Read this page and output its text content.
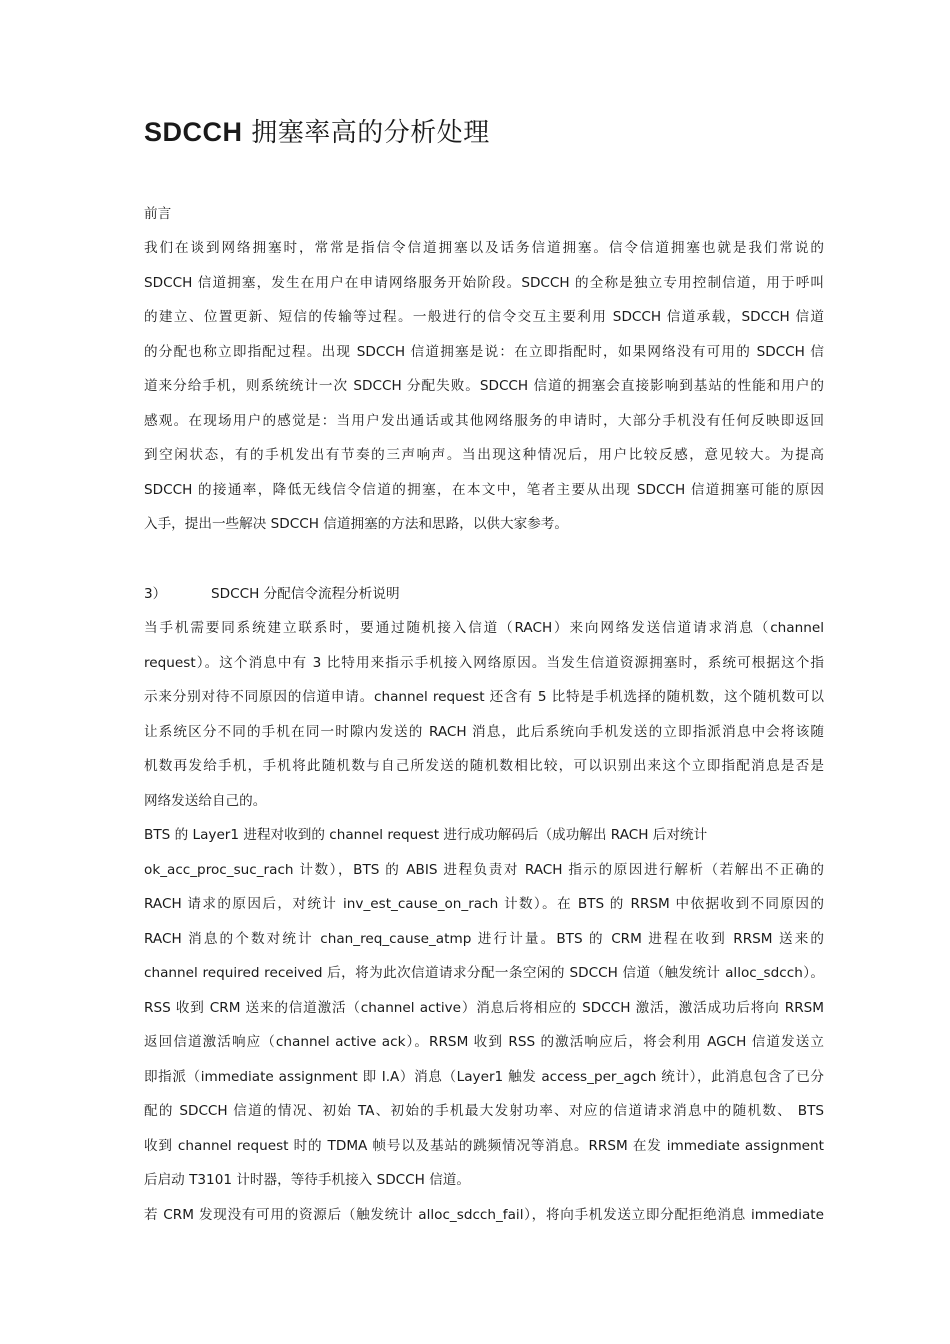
SDCCH 拥塞率高的分析处理

前言

我们在谈到网络拥塞时，常常是指信令信道拥塞以及话务信道拥塞。信令信道拥塞也就是我们常说的

SDCCH 信道拥塞，发生在用户在申请网络服务开始阶段。SDCCH 的全称是独立专用控制信道，用于呼叫

的建立、位置更新、短信的传输等过程。一般进行的信令交互主要利用 SDCCH 信道承载，SDCCH 信道

的分配也称立即指配过程。出现 SDCCH 信道拥塞是说：在立即指配时，如果网络没有可用的 SDCCH 信

道来分给手机，则系统统计一次 SDCCH 分配失败。SDCCH 信道的拥塞会直接影响到基站的性能和用户的

感观。在现场用户的感觉是：当用户发出通话或其他网络服务的申请时，大部分手机没有任何反映即返回

到空闲状态，有的手机发出有节奏的三声响声。当出现这种情况后，用户比较反感，意见较大。为提高

SDCCH 的接通率，降低无线信令信道的拥塞，在本文中，笔者主要从出现 SDCCH 信道拥塞可能的原因

入手，提出一些解决 SDCCH 信道拥塞的方法和思路，以供大家参考。

3）	SDCCH 分配信令流程分析说明

当手机需要同系统建立联系时，要通过随机接入信道（RACH）来向网络发送信道请求消息（channel

request）。这个消息中有 3 比特用来指示手机接入网络原因。当发生信道资源拥塞时，系统可根据这个指

示来分别对待不同原因的信道申请。channel request 还含有 5 比特是手机选择的随机数，这个随机数可以

让系统区分不同的手机在同一时隙内发送的 RACH 消息，此后系统向手机发送的立即指派消息中会将该随

机数再发给手机，手机将此随机数与自己所发送的随机数相比较，可以识别出来这个立即指配消息是否是

网络发送给自己的。

BTS 的 Layer1 进程对收到的 channel request 进行成功解码后（成功解出 RACH 后对统计

ok_acc_proc_suc_rach 计数），BTS 的 ABIS 进程负责对 RACH 指示的原因进行解析（若解出不正确的

RACH 请求的原因后，对统计 inv_est_cause_on_rach 计数）。在 BTS 的 RRSM 中依据收到不同原因的

RACH 消息的个数对统计 chan_req_cause_atmp 进行计量。BTS 的 CRM 进程在收到 RRSM 送来的

channel required received 后，将为此次信道请求分配一条空闲的 SDCCH 信道（触发统计 alloc_sdcch）。

RSS 收到 CRM 送来的信道激活（channel active）消息后将相应的 SDCCH 激活，激活成功后将向 RRSM

返回信道激活响应（channel active ack）。RRSM 收到 RSS 的激活响应后，将会利用 AGCH 信道发送立

即指派（immediate assignment 即 I.A）消息（Layer1 触发 access_per_agch 统计），此消息包含了已分

配的 SDCCH 信道的情况、初始 TA、初始的手机最大发射功率、对应的信道请求消息中的随机数、 BTS

收到 channel request 时的 TDMA 帧号以及基站的跳频情况等消息。RRSM 在发 immediate assignment

后启动 T3101 计时器，等待手机接入 SDCCH 信道。

若 CRM 发现没有可用的资源后（触发统计 alloc_sdcch_fail），将向手机发送立即分配拒绝消息 immediate
